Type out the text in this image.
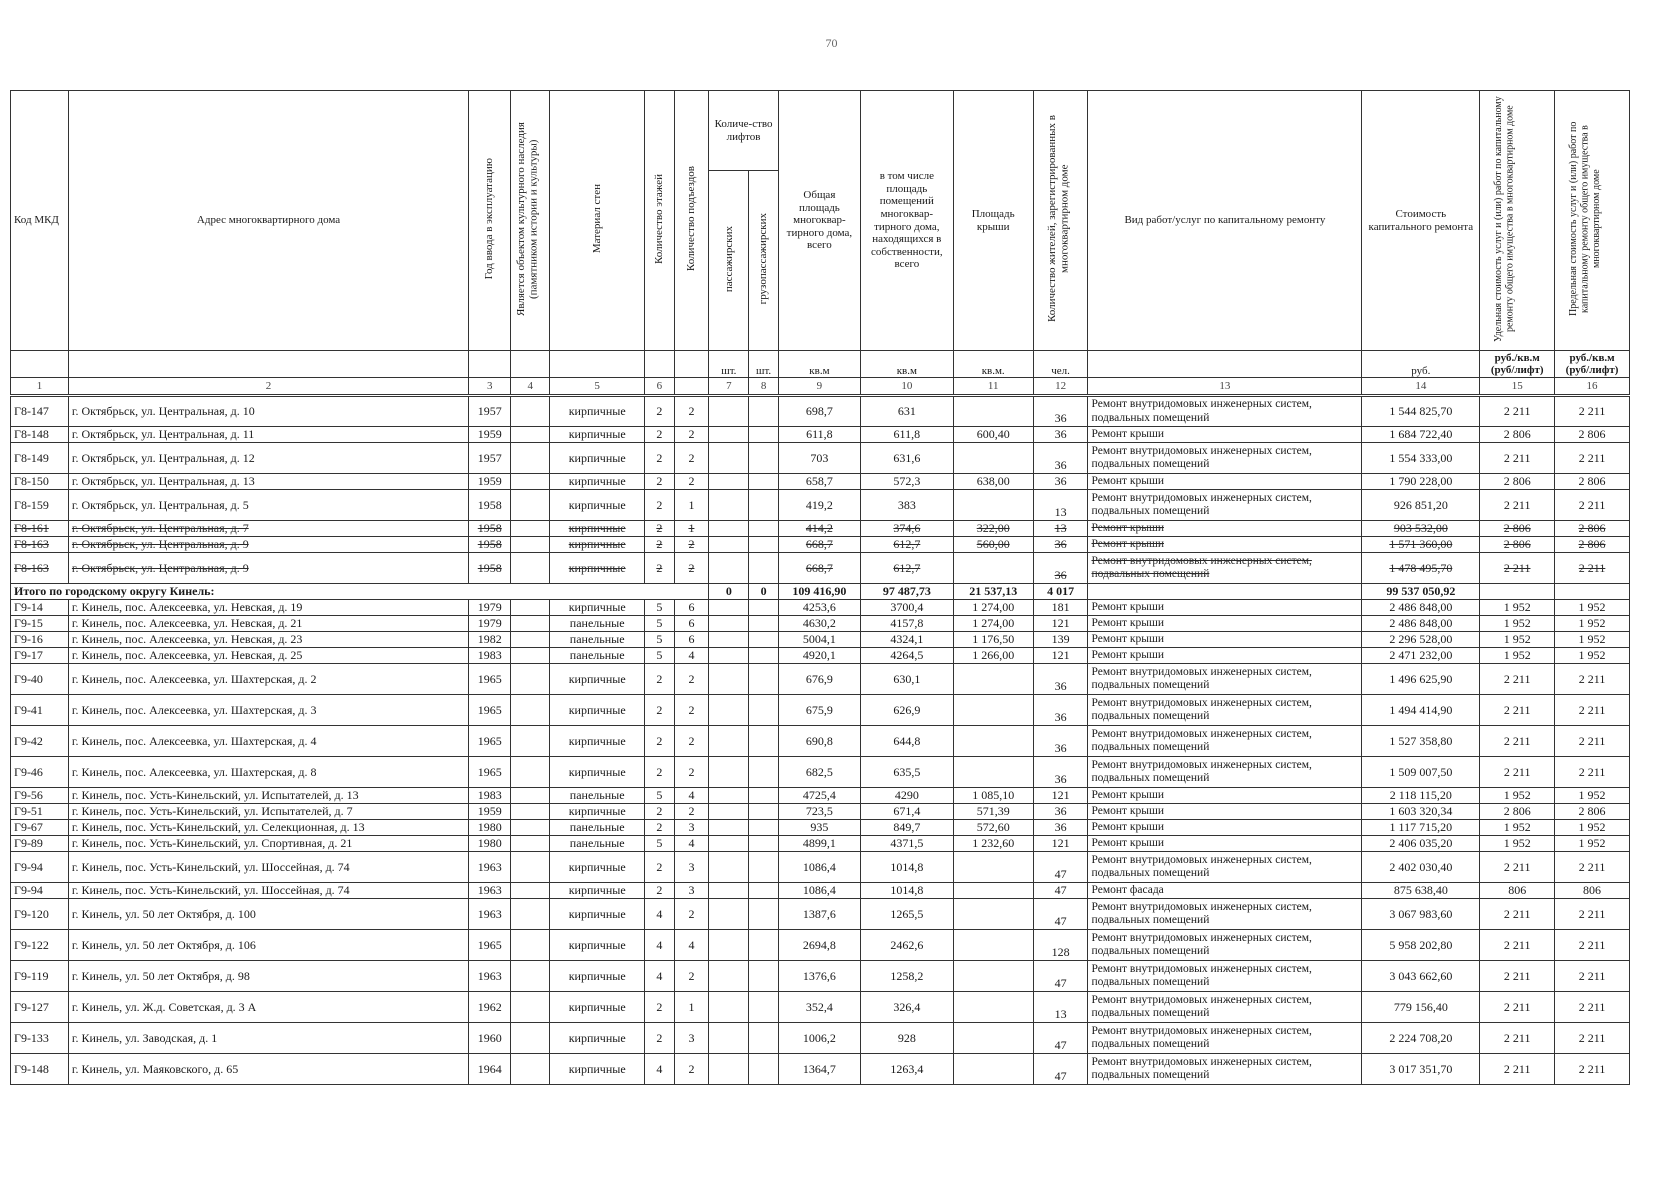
70
Код МКД	Адрес многоквартирного дома	Год ввода в эксплуатацию	Является объектом культурного наследия (памятником истории и культуры)	Материал стен	Количество этажей	Количество подъездов	Количе-ство лифтов		Общая площадь многоквар-тирного дома, всего	в том числе площадь помещений многоквар-тирного дома, находящихся в собственности, всего	Площадь крыши	Количество жителей, зарегистрированных в многоквартирном доме	Вид работ/услуг по капитальному ремонту	Стоимость капитального ремонта	Удельная стоимость услуг и (или) работ по капитальному ремонту общего имущества в многоквартирном доме	Предельная стоимость услуг и (или) работ по капитальному ремонту общего имущества в многоквартирном доме
							пассажирских	грузопассажирских								
							шт.	шт.	кв.м	кв.м	кв.м.	чел.		руб.	руб./кв.м (руб/лифт)	руб./кв.м (руб/лифт)
1	2	3	4	5	6		7	8	9	10	11	12	13	14	15	16
Г8-147	г. Октябрьск, ул. Центральная, д. 10	1957		кирпичные	2	2			698,7	631		36	Ремонт внутридомовых инженерных систем, подвальных помещений	1 544 825,70	2 211	2 211
Г8-148	г. Октябрьск, ул. Центральная, д. 11	1959		кирпичные	2	2			611,8	611,8	600,40	36	Ремонт крыши	1 684 722,40	2 806	2 806
Г8-149	г. Октябрьск, ул. Центральная, д. 12	1957		кирпичные	2	2			703	631,6		36	Ремонт внутридомовых инженерных систем, подвальных помещений	1 554 333,00	2 211	2 211
Г8-150	г. Октябрьск, ул. Центральная, д. 13	1959		кирпичные	2	2			658,7	572,3	638,00	36	Ремонт крыши	1 790 228,00	2 806	2 806
Г8-159	г. Октябрьск, ул. Центральная, д. 5	1958		кирпичные	2	1			419,2	383		13	Ремонт внутридомовых инженерных систем, подвальных помещений	926 851,20	2 211	2 211
Г8-161	г. Октябрьск, ул. Центральная, д. 7	1958		кирпичные	2	1			414,2	374,6	322,00	13	Ремонт крыши	903 532,00	2 806	2 806
Г8-163	г. Октябрьск, ул. Центральная, д. 9	1958		кирпичные	2	2			668,7	612,7	560,00	36	Ремонт крыши	1 571 360,00	2 806	2 806
Г8-163	г. Октябрьск, ул. Центральная, д. 9	1958		кирпичные	2	2			668,7	612,7		36	Ремонт внутридомовых инженерных систем, подвальных помещений	1 478 495,70	2 211	2 211
Итого по городскому округу Кинель:							0	0	109 416,90	97 487,73	21 537,13	4 017		99 537 050,92		
Г9-14	г. Кинель, пос. Алексеевка, ул. Невская, д. 19	1979		кирпичные	5	6			4253,6	3700,4	1 274,00	181	Ремонт крыши	2 486 848,00	1 952	1 952
Г9-15	г. Кинель, пос. Алексеевка, ул. Невская, д. 21	1979		панельные	5	6			4630,2	4157,8	1 274,00	121	Ремонт крыши	2 486 848,00	1 952	1 952
Г9-16	г. Кинель, пос. Алексеевка, ул. Невская, д. 23	1982		панельные	5	6			5004,1	4324,1	1 176,50	139	Ремонт крыши	2 296 528,00	1 952	1 952
Г9-17	г. Кинель, пос. Алексеевка, ул. Невская, д. 25	1983		панельные	5	4			4920,1	4264,5	1 266,00	121	Ремонт крыши	2 471 232,00	1 952	1 952
Г9-40	г. Кинель, пос. Алексеевка, ул. Шахтерская, д. 2	1965		кирпичные	2	2			676,9	630,1		36	Ремонт внутридомовых инженерных систем, подвальных помещений	1 496 625,90	2 211	2 211
Г9-41	г. Кинель, пос. Алексеевка, ул. Шахтерская, д. 3	1965		кирпичные	2	2			675,9	626,9		36	Ремонт внутридомовых инженерных систем, подвальных помещений	1 494 414,90	2 211	2 211
Г9-42	г. Кинель, пос. Алексеевка, ул. Шахтерская, д. 4	1965		кирпичные	2	2			690,8	644,8		36	Ремонт внутридомовых инженерных систем, подвальных помещений	1 527 358,80	2 211	2 211
Г9-46	г. Кинель, пос. Алексеевка, ул. Шахтерская, д. 8	1965		кирпичные	2	2			682,5	635,5		36	Ремонт внутридомовых инженерных систем, подвальных помещений	1 509 007,50	2 211	2 211
Г9-56	г. Кинель, пос. Усть-Кинельский, ул. Испытателей, д. 13	1983		панельные	5	4			4725,4	4290	1 085,10	121	Ремонт крыши	2 118 115,20	1 952	1 952
Г9-51	г. Кинель, пос. Усть-Кинельский, ул. Испытателей, д. 7	1959		кирпичные	2	2			723,5	671,4	571,39	36	Ремонт крыши	1 603 320,34	2 806	2 806
Г9-67	г. Кинель, пос. Усть-Кинельский, ул. Селекционная, д. 13	1980		панельные	2	3			935	849,7	572,60	36	Ремонт крыши	1 117 715,20	1 952	1 952
Г9-89	г. Кинель, пос. Усть-Кинельский, ул. Спортивная, д. 21	1980		панельные	5	4			4899,1	4371,5	1 232,60	121	Ремонт крыши	2 406 035,20	1 952	1 952
Г9-94	г. Кинель, пос. Усть-Кинельский, ул. Шоссейная, д. 74	1963		кирпичные	2	3			1086,4	1014,8		47	Ремонт внутридомовых инженерных систем, подвальных помещений	2 402 030,40	2 211	2 211
Г9-94	г. Кинель, пос. Усть-Кинельский, ул. Шоссейная, д. 74	1963		кирпичные	2	3			1086,4	1014,8		47	Ремонт фасада	875 638,40	806	806
Г9-120	г. Кинель, ул. 50 лет Октября, д. 100	1963		кирпичные	4	2			1387,6	1265,5		47	Ремонт внутридомовых инженерных систем, подвальных помещений	3 067 983,60	2 211	2 211
Г9-122	г. Кинель, ул. 50 лет Октября, д. 106	1965		кирпичные	4	4			2694,8	2462,6		128	Ремонт внутридомовых инженерных систем, подвальных помещений	5 958 202,80	2 211	2 211
Г9-119	г. Кинель, ул. 50 лет Октября, д. 98	1963		кирпичные	4	2			1376,6	1258,2		47	Ремонт внутридомовых инженерных систем, подвальных помещений	3 043 662,60	2 211	2 211
Г9-127	г. Кинель, ул. Ж.д. Советская, д. 3 А	1962		кирпичные	2	1			352,4	326,4		13	Ремонт внутридомовых инженерных систем, подвальных помещений	779 156,40	2 211	2 211
Г9-133	г. Кинель, ул. Заводская, д. 1	1960		кирпичные	2	3			1006,2	928		47	Ремонт внутридомовых инженерных систем, подвальных помещений	2 224 708,20	2 211	2 211
Г9-148	г. Кинель, ул. Маяковского, д. 65	1964		кирпичные	4	2			1364,7	1263,4		47	Ремонт внутридомовых инженерных систем, подвальных помещений	3 017 351,70	2 211	2 211
